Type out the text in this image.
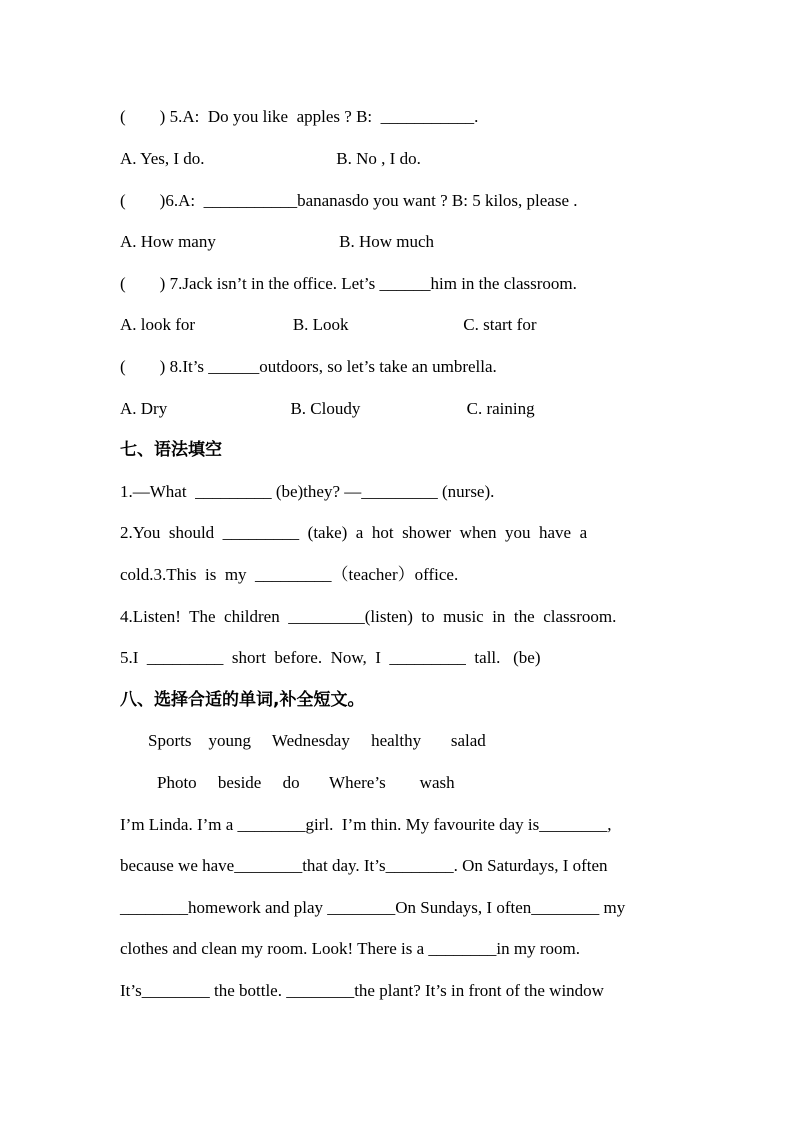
(        ) 5.A:  Do you like  apples ? B:  ___________.
A. Yes, I do.                               B. No , I do.
(        )6.A:  ___________bananasdo you want ? B: 5 kilos, please .
A. How many                             B. How much
(        ) 7.Jack isn’t in the office. Let’s ______him in the classroom.
A. look for                       B. Look                           C. start for
(        ) 8.It’s ______outdoors, so let’s take an umbrella.
A. Dry                             B. Cloudy                         C. raining
七、语法填空
1.—What  _________ (be)they? —_________ (nurse).
2.You  should  _________  (take)  a  hot  shower  when  you  have  a
cold.3.This  is  my  _________（teacher）office.
4.Listen!  The  children  _________(listen)  to  music  in  the  classroom.
5.I  _________  short  before.  Now,  I  _________  tall.   (be)
八、选择合适的单词,补全短文。
Sports    young     Wednesday     healthy       salad
Photo     beside     do       Where’s        wash
I’m Linda. I’m a ________girl.  I’m thin. My favourite day is________,
because we have________that day. It’s________. On Saturdays, I often
________homework and play ________On Sundays, I often________ my
clothes and clean my room. Look! There is a ________in my room.
It’s________ the bottle. ________the plant? It’s in front of the window
